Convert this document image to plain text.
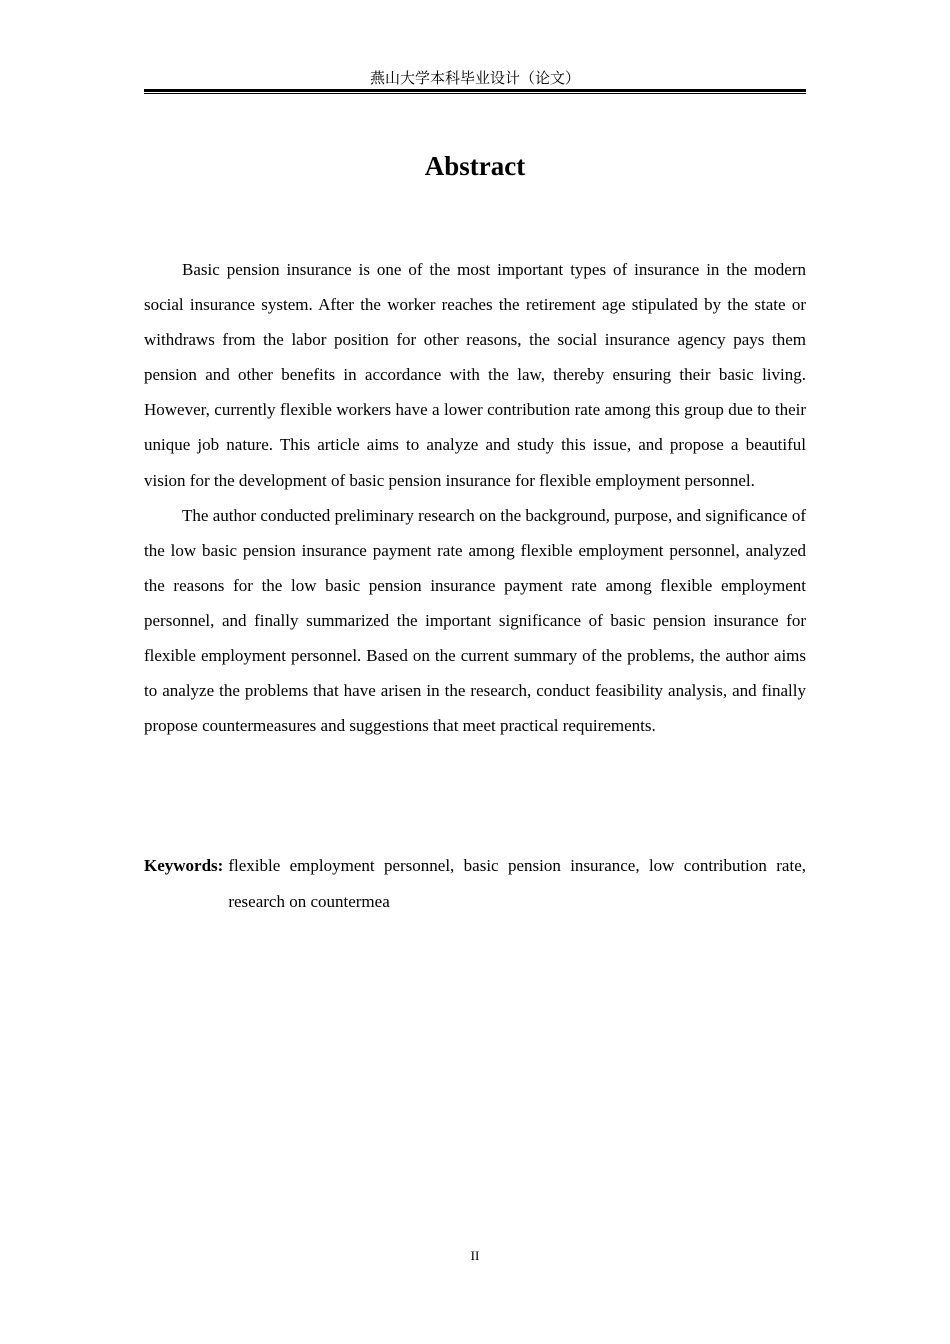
燕山大学本科毕业设计（论文）
Abstract

Basic pension insurance is one of the most important types of insurance in the modern social insurance system. After the worker reaches the retirement age stipulated by the state or withdraws from the labor position for other reasons, the social insurance agency pays them pension and other benefits in accordance with the law, thereby ensuring their basic living. However, currently flexible workers have a lower contribution rate among this group due to their unique job nature. This article aims to analyze and study this issue, and propose a beautiful vision for the development of basic pension insurance for flexible employment personnel.

The author conducted preliminary research on the background, purpose, and significance of the low basic pension insurance payment rate among flexible employment personnel, analyzed the reasons for the low basic pension insurance payment rate among flexible employment personnel, and finally summarized the important significance of basic pension insurance for flexible employment personnel. Based on the current summary of the problems, the author aims to analyze the problems that have arisen in the research, conduct feasibility analysis, and finally propose countermeasures and suggestions that meet practical requirements.

Keywords: flexible employment personnel, basic pension insurance, low contribution rate, research on countermea
II
